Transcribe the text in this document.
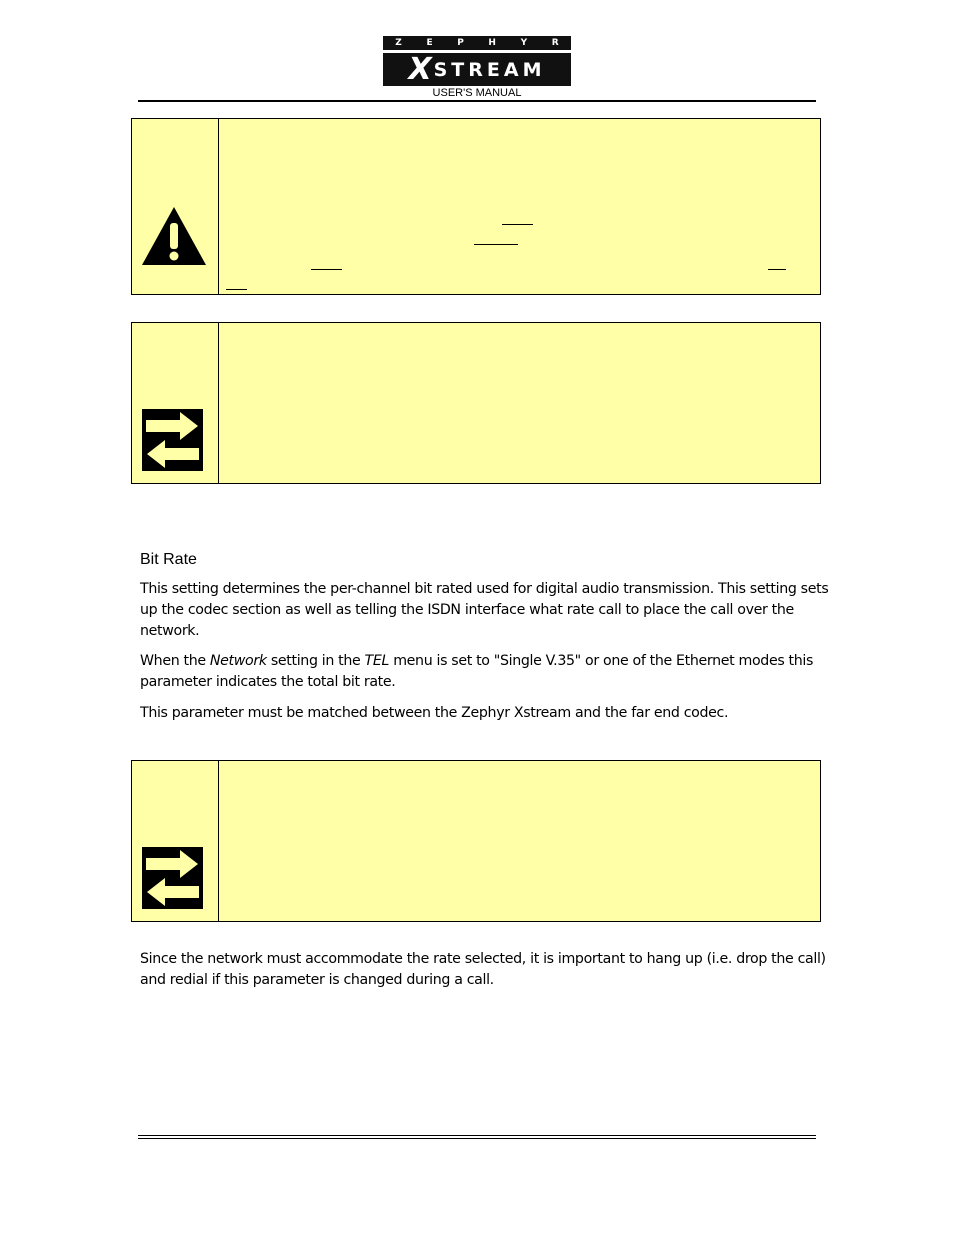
Z	E	P	H	Y	R
X STREAM
USER'S MANUAL
Bit Rate
This setting determines the per-channel bit rated used for digital audio transmission. This setting sets up the codec section as well as telling the ISDN interface what rate call to place the call over the network.
When the Network setting in the TEL menu is set to "Single V.35" or one of the Ethernet modes this parameter indicates the total bit rate.
This parameter must be matched between the Zephyr Xstream and the far end codec.
Since the network must accommodate the rate selected, it is important to hang up (i.e. drop the call) and redial if this parameter is changed during a call.
